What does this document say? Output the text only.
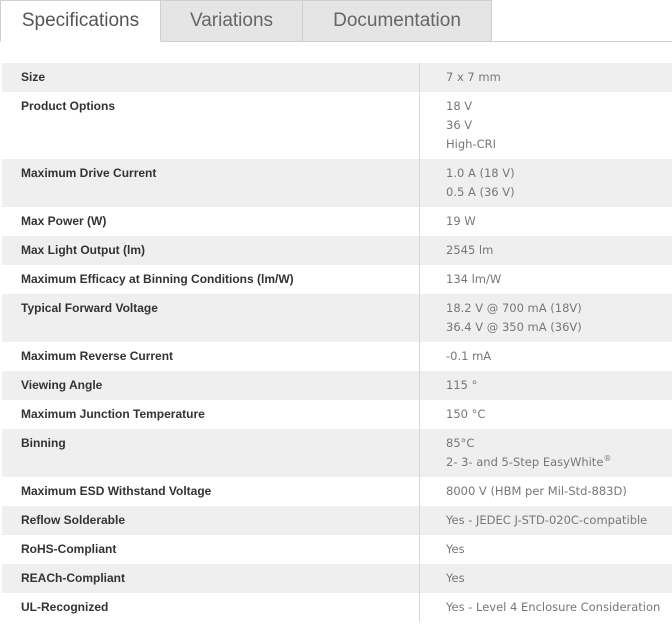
Specifications	Variations	Documentation
Size	7 x 7 mm
Product Options	18 V
36 V
High-CRI
Maximum Drive Current	1.0 A (18 V)
0.5 A (36 V)
Max Power (W)	19 W
Max Light Output (lm)	2545 lm
Maximum Efficacy at Binning Conditions (lm/W)	134 lm/W
Typical Forward Voltage	18.2 V @ 700 mA (18V)
36.4 V @ 350 mA (36V)
Maximum Reverse Current	-0.1 mA
Viewing Angle	115 °
Maximum Junction Temperature	150 °C
Binning	85°C
2- 3- and 5-Step EasyWhite®
Maximum ESD Withstand Voltage	8000 V (HBM per Mil-Std-883D)
Reflow Solderable	Yes - JEDEC J-STD-020C-compatible
RoHS-Compliant	Yes
REACh-Compliant	Yes
UL-Recognized	Yes - Level 4 Enclosure Consideration
